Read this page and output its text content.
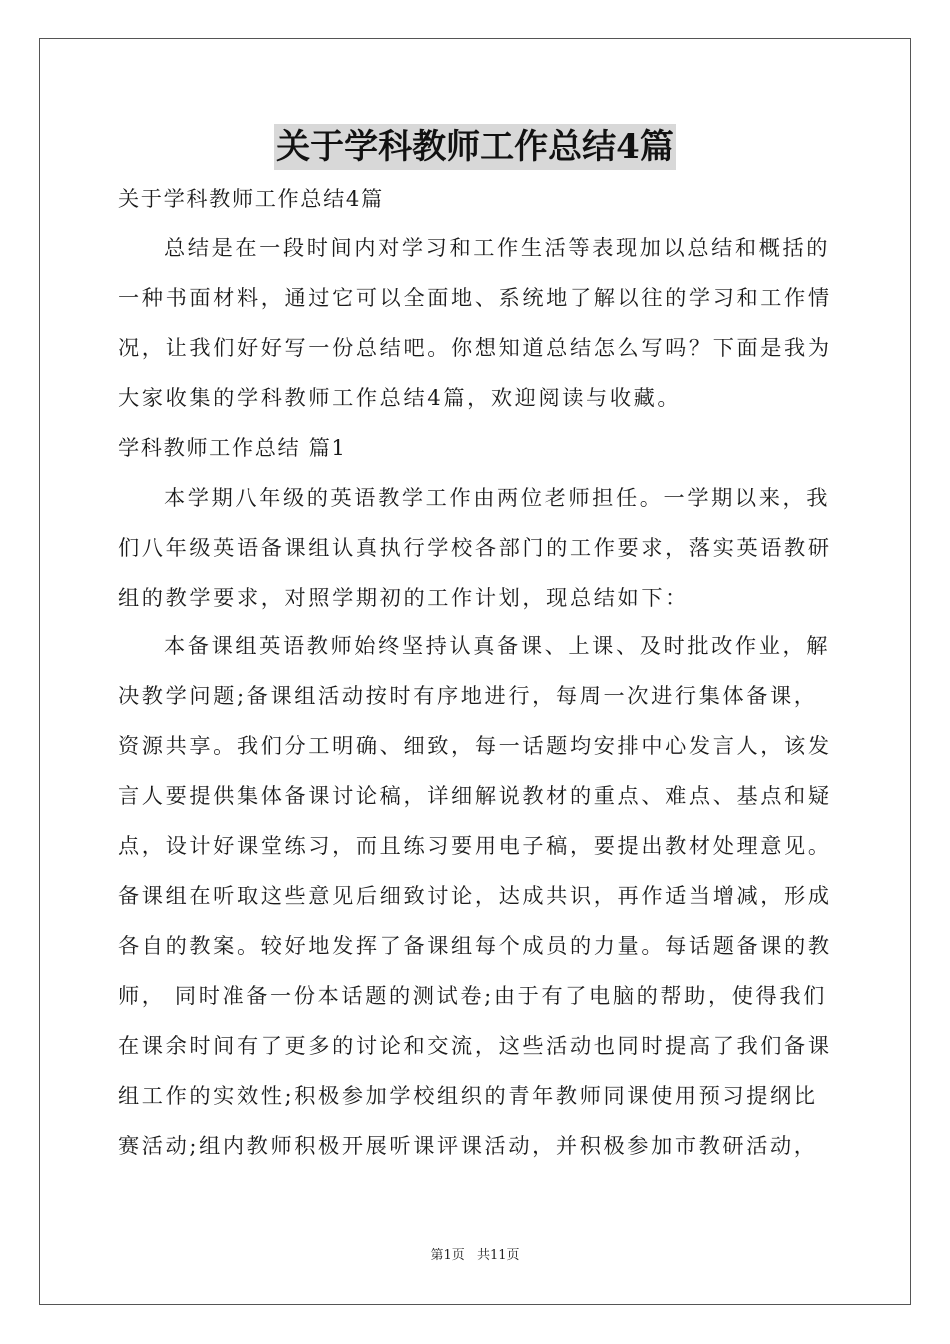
关于学科教师工作总结4篇
关于学科教师工作总结4篇
总结是在一段时间内对学习和工作生活等表现加以总结和概括的
一种书面材料，通过它可以全面地、系统地了解以往的学习和工作情
况，让我们好好写一份总结吧。你想知道总结怎么写吗？下面是我为
大家收集的学科教师工作总结4篇，欢迎阅读与收藏。
学科教师工作总结 篇1
本学期八年级的英语教学工作由两位老师担任。一学期以来，我
们八年级英语备课组认真执行学校各部门的工作要求，落实英语教研
组的教学要求，对照学期初的工作计划，现总结如下：
本备课组英语教师始终坚持认真备课、上课、及时批改作业，解
决教学问题;备课组活动按时有序地进行，每周一次进行集体备课，
资源共享。我们分工明确、细致，每一话题均安排中心发言人，该发
言人要提供集体备课讨论稿，详细解说教材的重点、难点、基点和疑
点，设计好课堂练习，而且练习要用电子稿，要提出教材处理意见。
备课组在听取这些意见后细致讨论，达成共识，再作适当增减，形成
各自的教案。较好地发挥了备课组每个成员的力量。每话题备课的教
师， 同时准备一份本话题的测试卷;由于有了电脑的帮助，使得我们
在课余时间有了更多的讨论和交流，这些活动也同时提高了我们备课
组工作的实效性;积极参加学校组织的青年教师同课使用预习提纲比
赛活动;组内教师积极开展听课评课活动，并积极参加市教研活动，
第1页 共11页
